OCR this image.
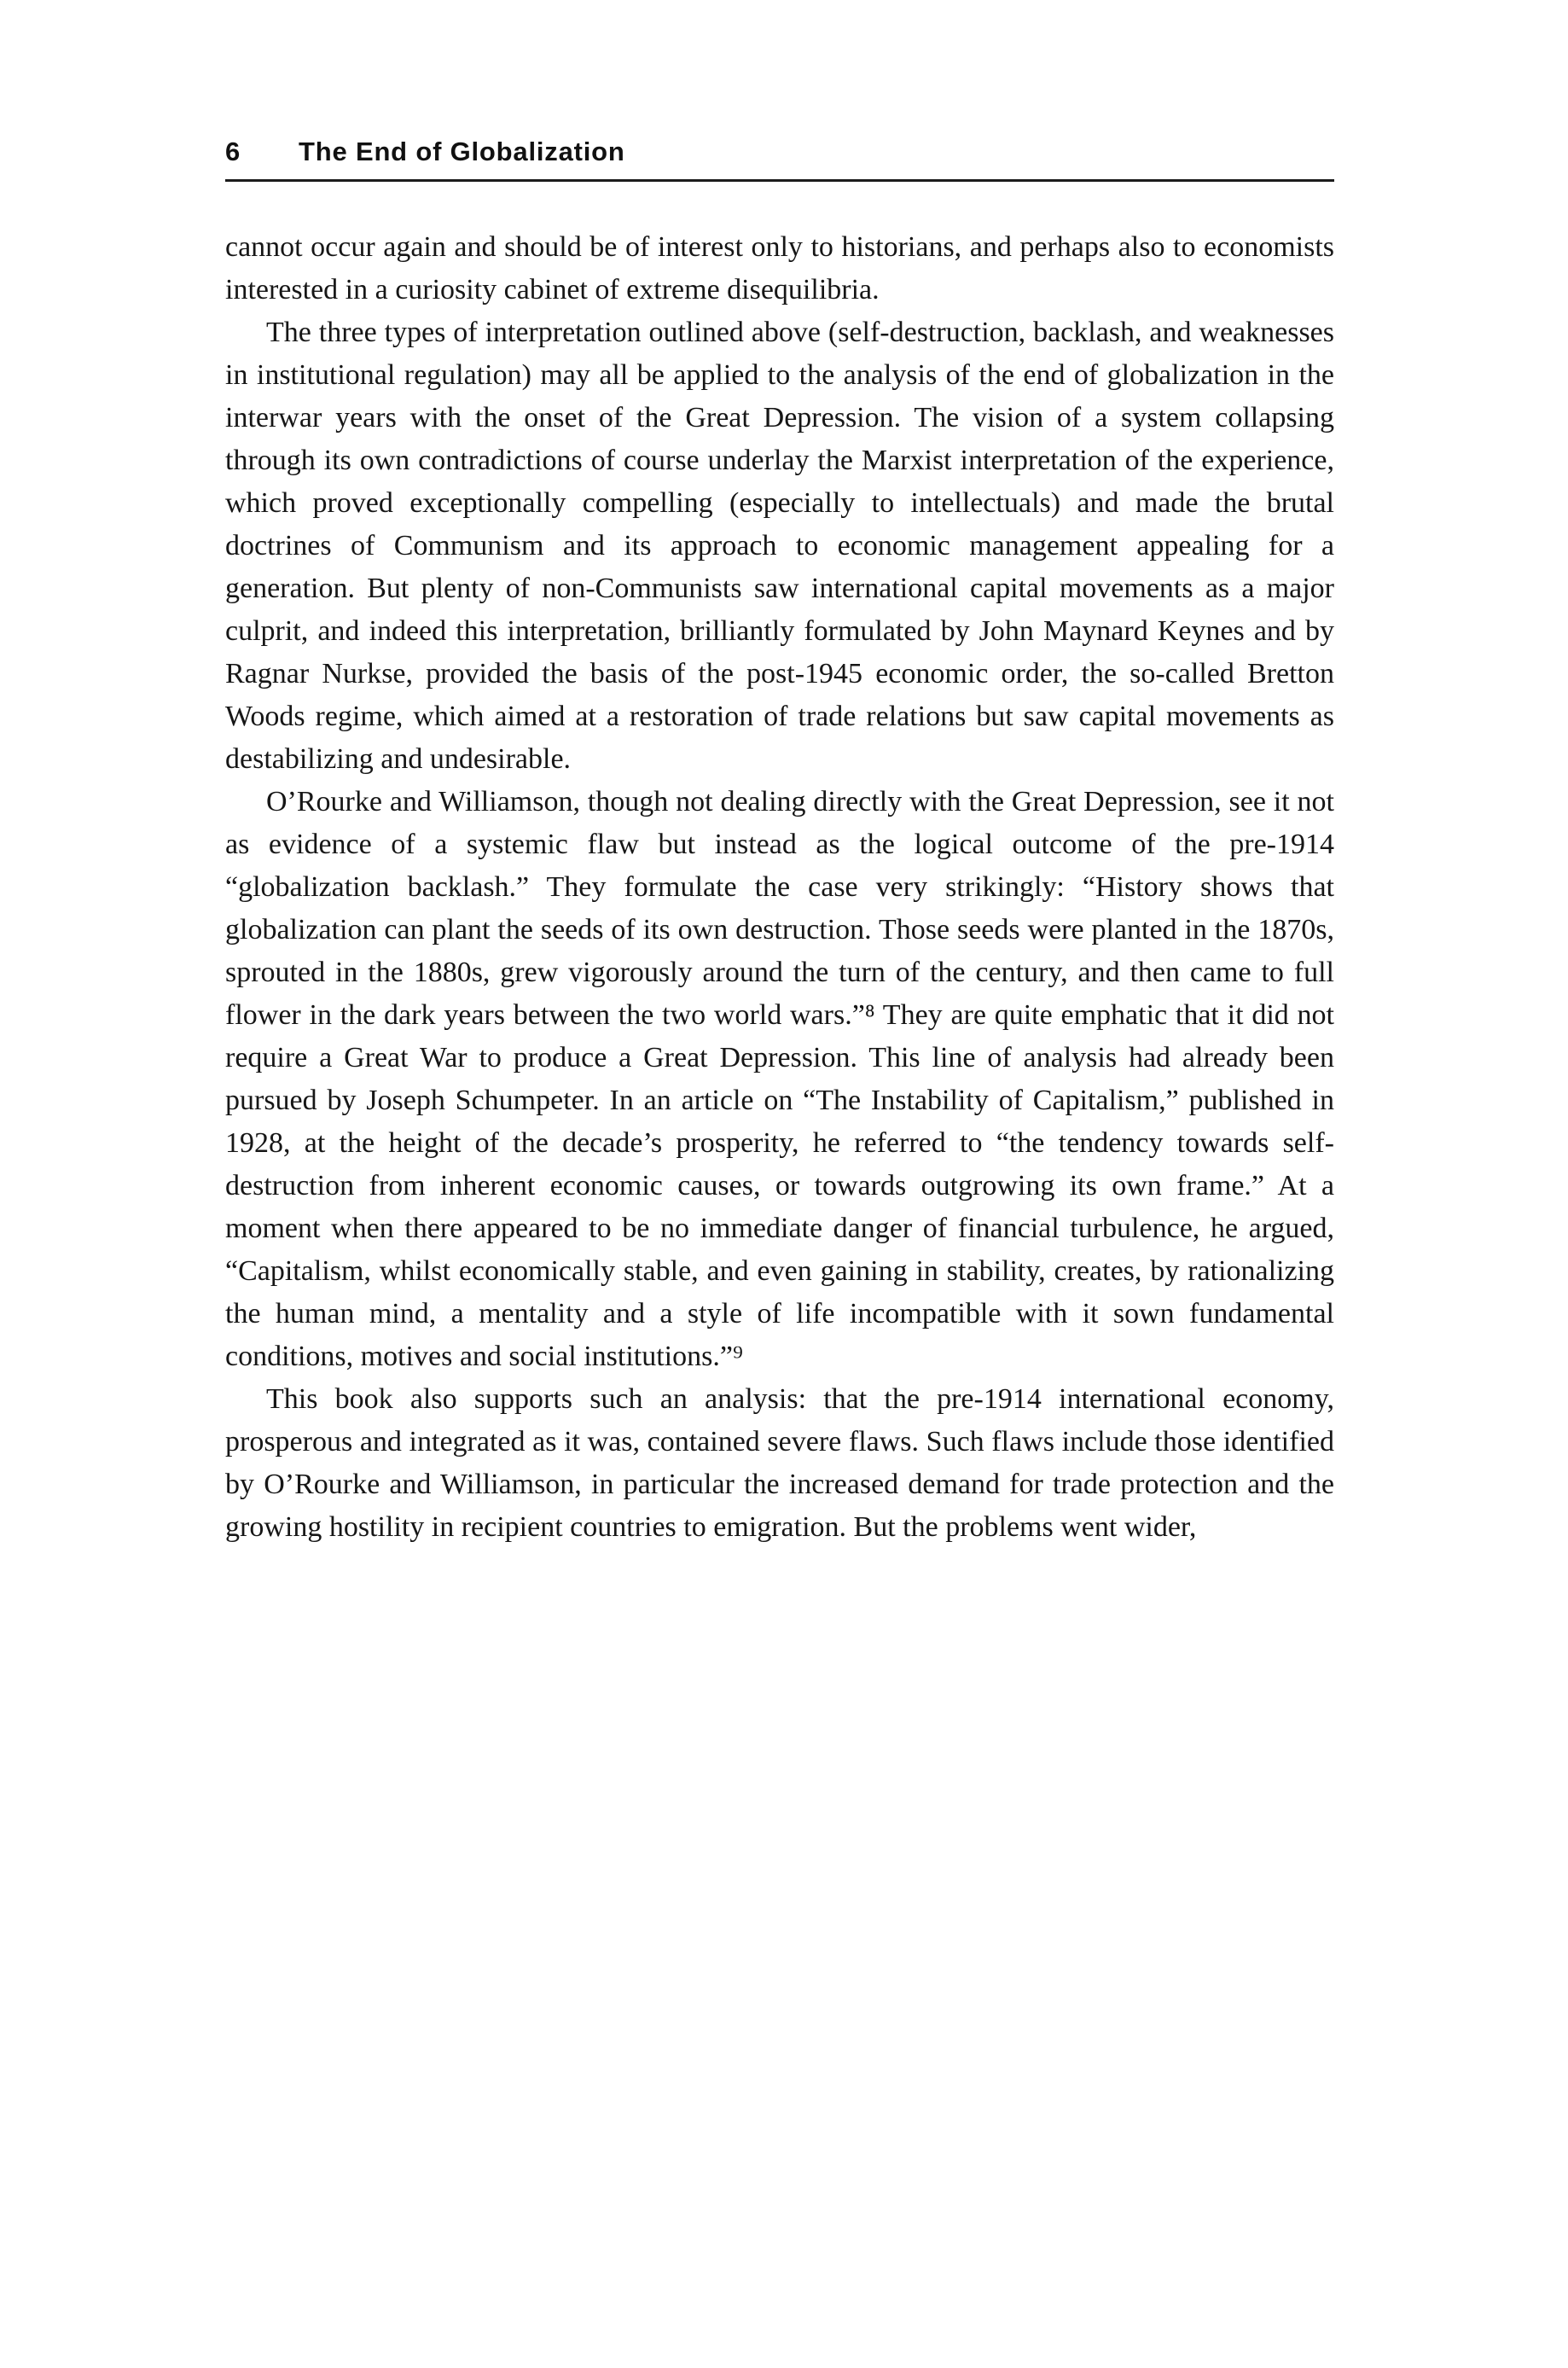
6 The End of Globalization

cannot occur again and should be of interest only to historians, and perhaps also to economists interested in a curiosity cabinet of extreme disequilibria.

The three types of interpretation outlined above (self-destruction, backlash, and weaknesses in institutional regulation) may all be applied to the analysis of the end of globalization in the interwar years with the onset of the Great Depression. The vision of a system collapsing through its own contradictions of course underlay the Marxist interpretation of the experience, which proved exceptionally compelling (especially to intellectuals) and made the brutal doctrines of Communism and its approach to economic management appealing for a generation. But plenty of non-Communists saw international capital movements as a major culprit, and indeed this interpretation, brilliantly formulated by John Maynard Keynes and by Ragnar Nurkse, provided the basis of the post-1945 economic order, the so-called Bretton Woods regime, which aimed at a restoration of trade relations but saw capital movements as destabilizing and undesirable.

O’Rourke and Williamson, though not dealing directly with the Great Depression, see it not as evidence of a systemic flaw but instead as the logical outcome of the pre-1914 “globalization backlash.” They formulate the case very strikingly: “History shows that globalization can plant the seeds of its own destruction. Those seeds were planted in the 1870s, sprouted in the 1880s, grew vigorously around the turn of the century, and then came to full flower in the dark years between the two world wars.”⁸ They are quite emphatic that it did not require a Great War to produce a Great Depression. This line of analysis had already been pursued by Joseph Schumpeter. In an article on “The Instability of Capitalism,” published in 1928, at the height of the decade’s prosperity, he referred to “the tendency towards self-destruction from inherent economic causes, or towards outgrowing its own frame.” At a moment when there appeared to be no immediate danger of financial turbulence, he argued, “Capitalism, whilst economically stable, and even gaining in stability, creates, by rationalizing the human mind, a mentality and a style of life incompatible with it sown fundamental conditions, motives and social institutions.”⁹

This book also supports such an analysis: that the pre-1914 international economy, prosperous and integrated as it was, contained severe flaws. Such flaws include those identified by O’Rourke and Williamson, in particular the increased demand for trade protection and the growing hostility in recipient countries to emigration. But the problems went wider,
